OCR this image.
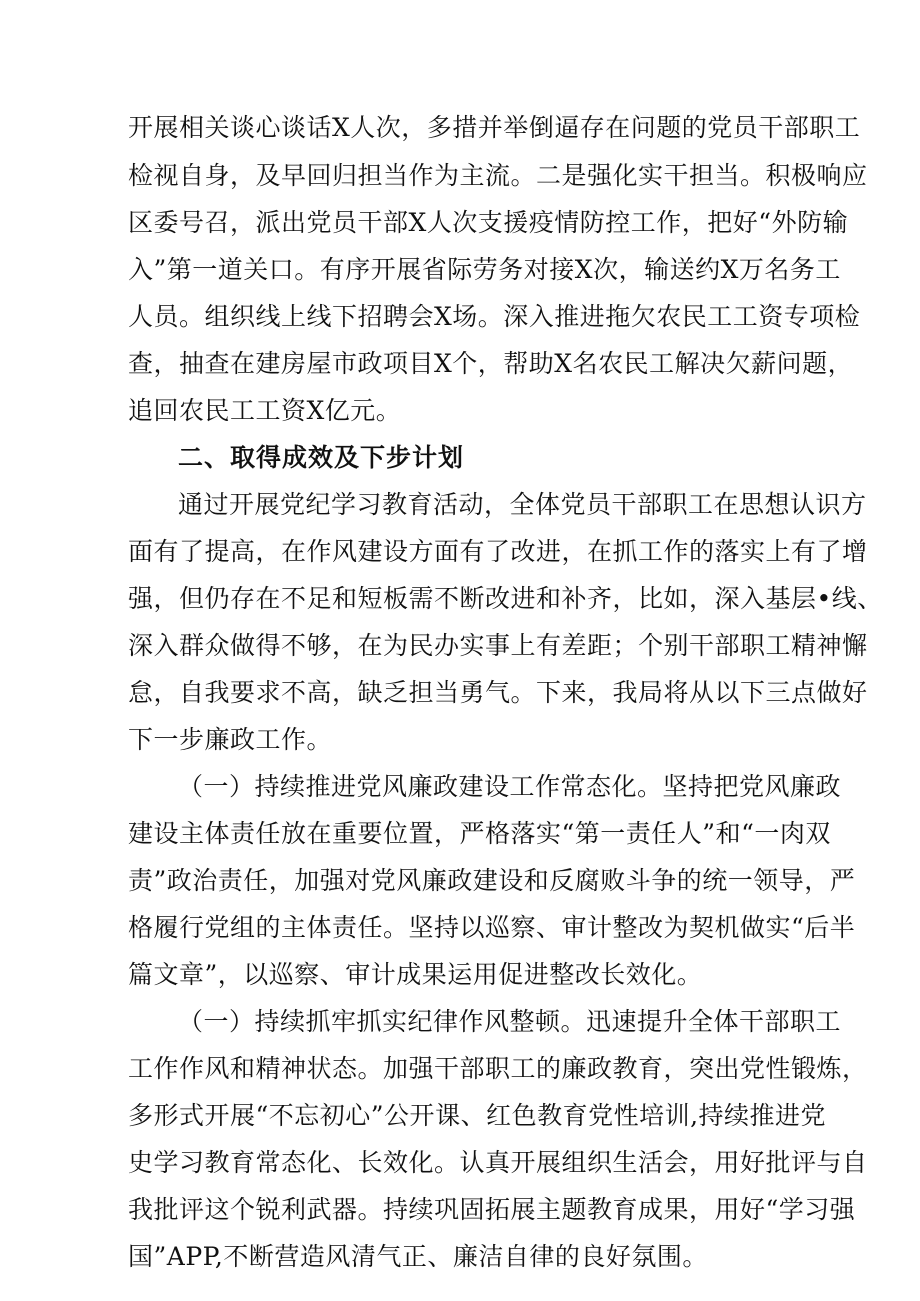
开展相关谈心谈话X人次，多措并举倒逼存在问题的党员干部职工
检视自身，及早回归担当作为主流。二是强化实干担当。积极响应
区委号召，派出党员干部X人次支援疫情防控工作，把好“外防输
入”第一道关口。有序开展省际劳务对接X次，输送约X万名务工
人员。组织线上线下招聘会X场。深入推进拖欠农民工工资专项检
查，抽查在建房屋市政项目X个，帮助X名农民工解决欠薪问题，
追回农民工工资X亿元。
二、取得成效及下步计划
通过开展党纪学习教育活动，全体党员干部职工在思想认识方
面有了提高，在作风建设方面有了改进，在抓工作的落实上有了增
强，但仍存在不足和短板需不断改进和补齐，比如，深入基层•线、
深入群众做得不够，在为民办实事上有差距；个别干部职工精神懈
怠，自我要求不高，缺乏担当勇气。下来，我局将从以下三点做好
下一步廉政工作。
（一）持续推进党风廉政建设工作常态化。坚持把党风廉政
建设主体责任放在重要位置，严格落实“第一责任人”和“一肉双
责”政治责任，加强对党风廉政建设和反腐败斗争的统一领导，严
格履行党组的主体责任。坚持以巡察、审计整改为契机做实“后半
篇文章”，以巡察、审计成果运用促进整改长效化。
（一）持续抓牢抓实纪律作风整顿。迅速提升全体干部职工
工作作风和精神状态。加强干部职工的廉政教育，突出党性锻炼，
多形式开展“不忘初心”公开课、红色教育党性培训,持续推进党
史学习教育常态化、长效化。认真开展组织生活会，用好批评与自
我批评这个锐利武器。持续巩固拓展主题教育成果，用好“学习强
国”APP,不断营造风清气正、廉洁自律的良好氛围。
